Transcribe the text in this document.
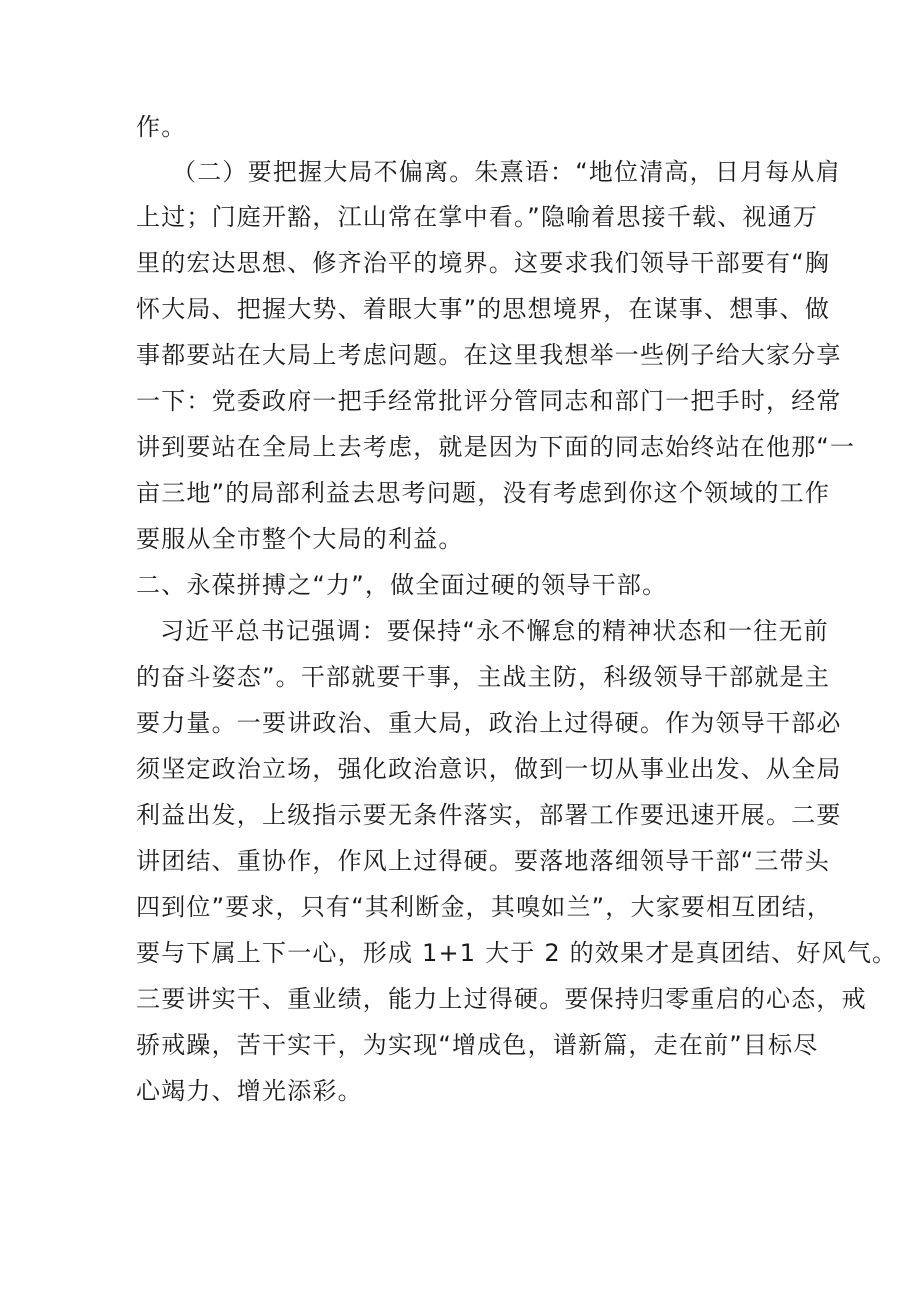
作。
（二）要把握大局不偏离。朱熹语：“地位清高，日月每从肩
上过；门庭开豁，江山常在掌中看。”隐喻着思接千载、视通万
里的宏达思想、修齐治平的境界。这要求我们领导干部要有“胸
怀大局、把握大势、着眼大事”的思想境界，在谋事、想事、做
事都要站在大局上考虑问题。在这里我想举一些例子给大家分享
一下：党委政府一把手经常批评分管同志和部门一把手时，经常
讲到要站在全局上去考虑，就是因为下面的同志始终站在他那“一
亩三地”的局部利益去思考问题，没有考虑到你这个领域的工作
要服从全市整个大局的利益。
二、永葆拼搏之“力”，做全面过硬的领导干部。
习近平总书记强调：要保持“永不懈怠的精神状态和一往无前
的奋斗姿态”。干部就要干事，主战主防，科级领导干部就是主
要力量。一要讲政治、重大局，政治上过得硬。作为领导干部必
须坚定政治立场，强化政治意识，做到一切从事业出发、从全局
利益出发，上级指示要无条件落实，部署工作要迅速开展。二要
讲团结、重协作，作风上过得硬。要落地落细领导干部“三带头
四到位”要求，只有“其利断金，其嗅如兰”，大家要相互团结，
要与下属上下一心，形成 1+1 大于 2 的效果才是真团结、好风气。
三要讲实干、重业绩，能力上过得硬。要保持归零重启的心态，戒
骄戒躁，苦干实干，为实现“增成色，谱新篇，走在前”目标尽
心竭力、增光添彩。
